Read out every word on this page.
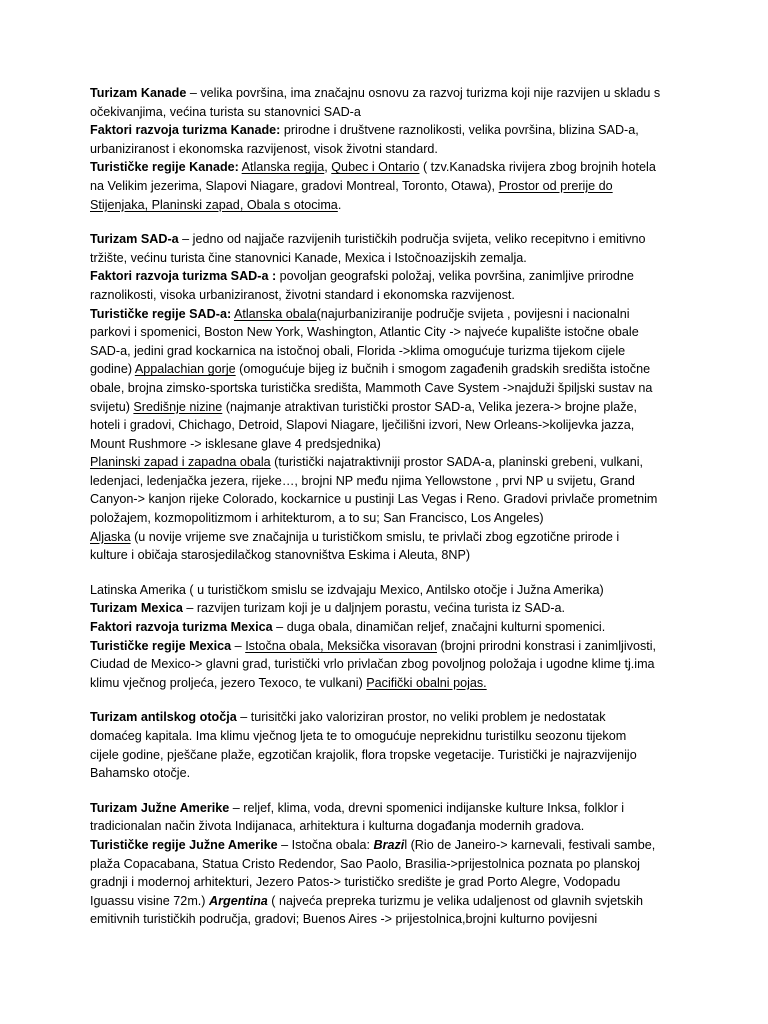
Turizam Kanade – velika površina, ima značajnu osnovu za razvoj turizma koji nije razvijen u skladu s
očekivanjima, većina turista su stanovnici SAD-a
Faktori razvoja turizma Kanade: prirodne i društvene raznolikosti, velika površina, blizina SAD-a,
urbaniziranost i ekonomska razvijenost, visok životni standard.
Turističke regije Kanade: Atlanska regija, Qubec i Ontario ( tzv.Kanadska rivijera zbog brojnih hotela
na Velikim jezerima, Slapovi Niagare, gradovi Montreal, Toronto, Otawa), Prostor od prerije do
Stijenjaka, Planinski zapad, Obala s otocima.
Turizam SAD-a – jedno od najjače razvijenih turističkih područja svijeta, veliko recepitvno i emitivno
tržište, većinu turista čine stanovnici Kanade, Mexica i Istočnoazijskih zemalja.
Faktori razvoja turizma SAD-a : povoljan geografski položaj, velika površina, zanimljive prirodne
raznolikosti, visoka urbaniziranost, životni standard i ekonomska razvijenost.
Turističke regije SAD-a: Atlanska obala(najurbaniziranije područje svijeta , povijesni i nacionalni
parkovi i spomenici, Boston New York, Washington, Atlantic City -> najveće kupalište istočne obale
SAD-a, jedini grad kockarnica na istočnoj obali, Florida ->klima omogućuje turizma tijekom cijele
godine) Appalachian gorje (omogućuje bijeg iz bučnih i smogom zagađenih gradskih središta istočne
obale, brojna zimsko-sportska turistička središta, Mammoth Cave System ->najduži špiljski sustav na
svijetu) Središnje nizine (najmanje atraktivan turistički prostor SAD-a, Velika jezera-> brojne plaže,
hoteli i gradovi, Chichago, Detroid, Slapovi Niagare, lječilišni izvori, New Orleans->kolijevka jazza,
Mount Rushmore -> isklesane glave 4 predsjednika)
Planinski zapad i zapadna obala (turistički najatraktivniji prostor SADA-a, planinski grebeni, vulkani,
ledenjaci, ledenjačka jezera, rijeke…, brojni NP među njima Yellowstone , prvi NP u svijetu, Grand
Canyon-> kanjon rijeke Colorado, kockarnice u pustinji Las Vegas i Reno. Gradovi privlače prometnim
položajem, kozmopolitizmom i arhitekturom, a to su; San Francisco, Los Angeles)
Aljaska (u novije vrijeme sve značajnija u turističkom smislu, te privlači zbog egzotične prirode i
kulture i običaja starosjedilačkog stanovništva Eskima i Aleuta, 8NP)
Latinska Amerika ( u turističkom smislu se izdvajaju Mexico, Antilsko otočje i Južna Amerika)
Turizam Mexica – razvijen turizam koji je u daljnjem porastu, većina turista iz SAD-a.
Faktori razvoja turizma Mexica – duga obala, dinamičan reljef, značajni kulturni spomenici.
Turističke regije Mexica – Istočna obala, Meksička visoravan (brojni prirodni konstrasi i zanimljivosti,
Ciudad de Mexico-> glavni grad, turistički vrlo privlačan zbog povoljnog položaja i ugodne klime tj.ima
klimu vječnog proljeća, jezero Texoco, te vulkani) Pacifički obalni pojas.
Turizam antilskog otočja – turisitčki jako valoriziran prostor, no veliki problem je nedostatak
domaćeg kapitala. Ima klimu vječnog ljeta te to omogućuje neprekidnu turistilku seozonu tijekom
cijele godine, pješčane plaže, egzotičan krajolik, flora tropske vegetacije. Turistički je najrazvijenijo
Bahamsko otočje.
Turizam Južne Amerike – reljef, klima, voda, drevni spomenici indijanske kulture Inksa, folklor i
tradicionalan način života Indijanaca, arhitektura i kulturna događanja modernih gradova.
Turističke regije Južne Amerike – Istočna obala: Brazil (Rio de Janeiro-> karnevali, festivali sambe,
plaža Copacabana, Statua Cristo Redendor, Sao Paolo, Brasilia->prijestolnica poznata po planskoj
gradnji i modernoj arhitekturi, Jezero Patos-> turističko središte je grad Porto Alegre, Vodopadu
Iguassu visine 72m.) Argentina ( najveća prepreka turizmu je velika udaljenost od glavnih svjetskih
emitivnih turističkih područja, gradovi; Buenos Aires -> prijestolnica,brojni kulturno povijesni
